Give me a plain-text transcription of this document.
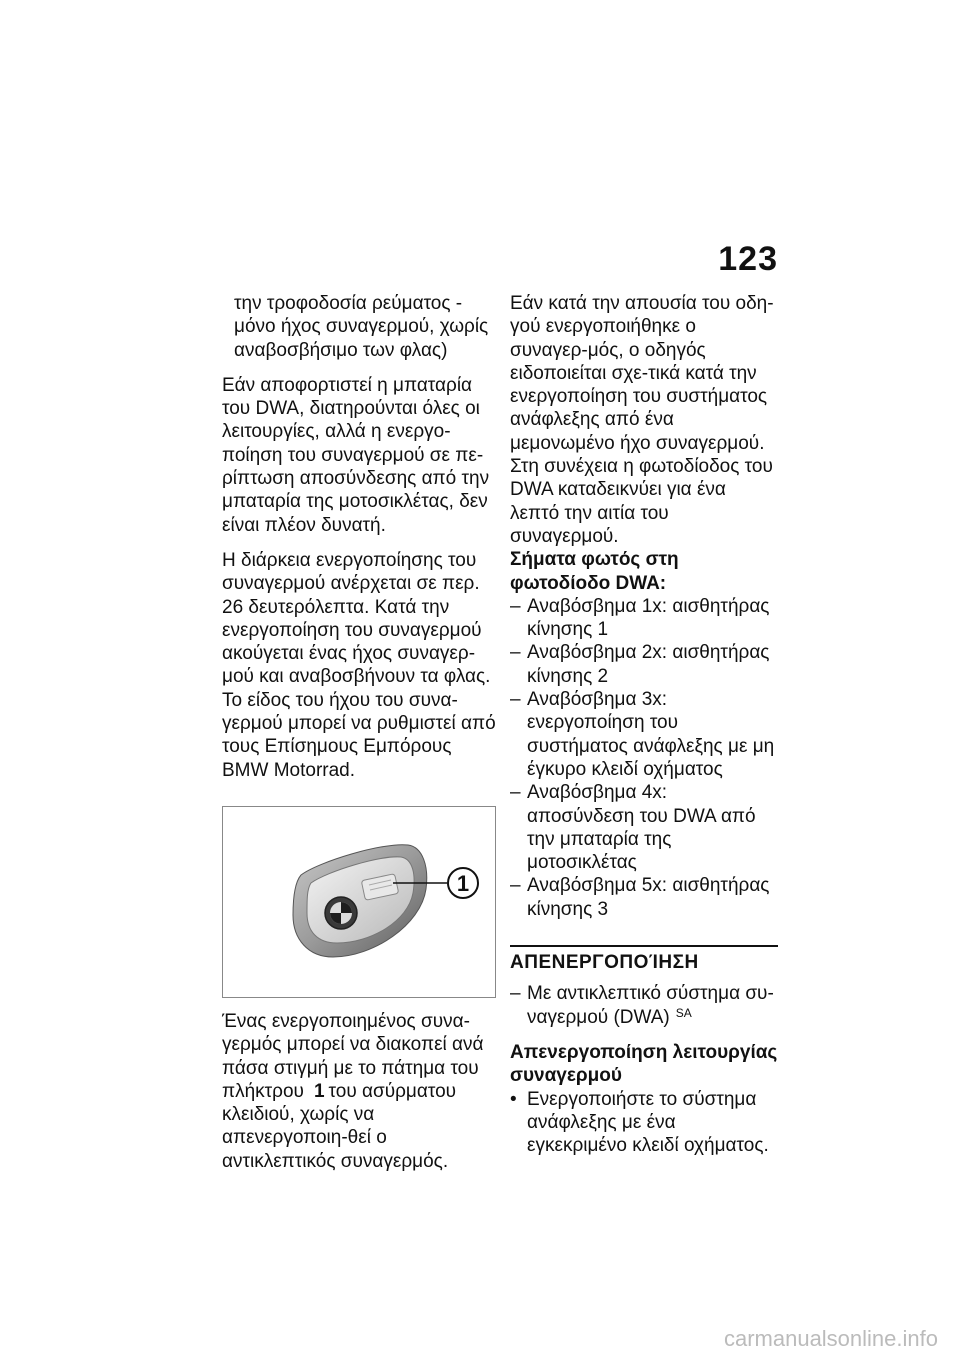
123
την τροφοδοσία ρεύματος -
μόνο ήχος συναγερμού, χωρίς
αναβοσβήσιμο των φλας)

Εάν αποφορτιστεί η μπαταρία του DWA, διατηρούνται όλες οι λειτουργίες, αλλά η ενεργο-ποίηση του συναγερμού σε πε-ρίπτωση αποσύνδεσης από την μπαταρία της μοτοσικλέτας, δεν είναι πλέον δυνατή.

Η διάρκεια ενεργοποίησης του συναγερμού ανέρχεται σε περ. 26 δευτερόλεπτα. Κατά την ενεργοποίηση του συναγερμού ακούγεται ένας ήχος συναγερ-μού και αναβοσβήνουν τα φλας. Το είδος του ήχου του συνα-γερμού μπορεί να ρυθμιστεί από τους Επίσημους Εμπόρους BMW Motorrad.

1

Ένας ενεργοποιημένος συνα-γερμός μπορεί να διακοπεί ανά πάσα στιγμή με το πάτημα του πλήκτρου 1 του ασύρματου κλειδιού, χωρίς να απενεργοποιη-θεί ο αντικλεπτικός συναγερμός.

Εάν κατά την απουσία του οδη-γού ενεργοποιήθηκε ο συναγερ-μός, ο οδηγός ειδοποιείται σχε-τικά κατά την ενεργοποίηση του συστήματος ανάφλεξης από ένα μεμονωμένο ήχο συναγερμού. Στη συνέχεια η φωτοδίοδος του DWA καταδεικνύει για ένα λεπτό την αιτία του συναγερμού.

Σήματα φωτός στη φωτοδίοδο DWA:
– Αναβόσβημα 1x: αισθητήρας κίνησης 1
– Αναβόσβημα 2x: αισθητήρας κίνησης 2
– Αναβόσβημα 3x: ενεργοποίηση του συστήματος ανάφλεξης με μη έγκυρο κλειδί οχήματος
– Αναβόσβημα 4x: αποσύνδεση του DWA από την μπαταρία της μοτοσικλέτας
– Αναβόσβημα 5x: αισθητήρας κίνησης 3
ΑΠΕΝΕΡΓΟΠΟΊΗΣΗ
– Με αντικλεπτικό σύστημα συ-ναγερμού (DWA) $^{SA}$
Απενεργοποίηση λειτουργίας συναγερμού
• Ενεργοποιήστε το σύστημα ανάφλεξης με ένα εγκεκριμένο κλειδί οχήματος.
carmanualsonline.info
